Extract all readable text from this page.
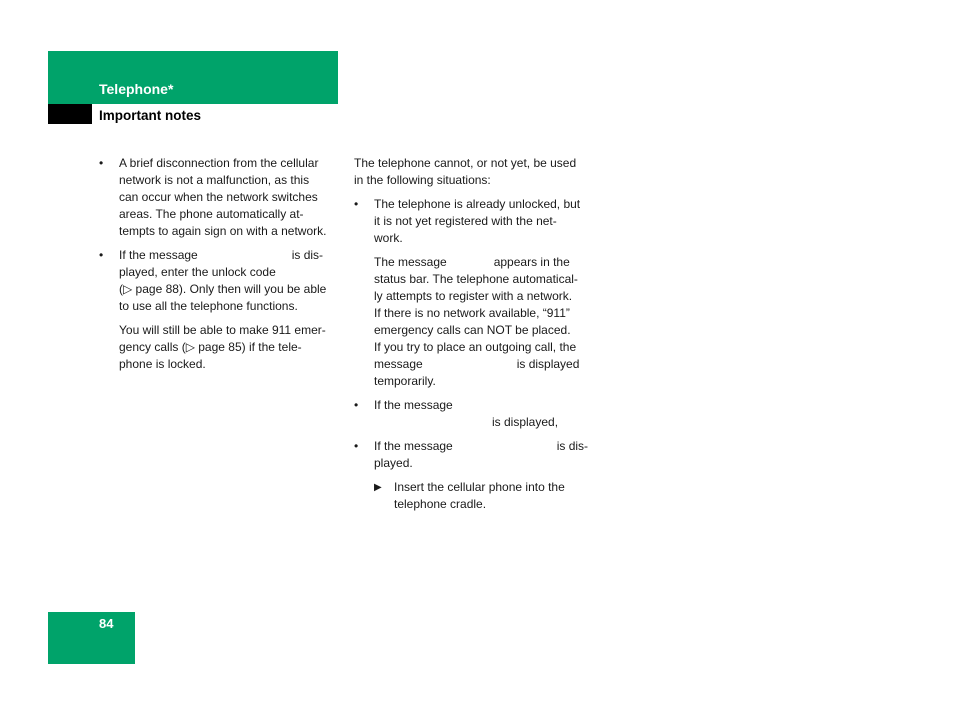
Telephone*
Important notes
• A brief disconnection from the cellular

network is not a malfunction, as this

can occur when the network switches

areas. The phone automatically at-

tempts to again sign on with a network.

• If the message	is dis-

played, enter the unlock code

(▷ page 88). Only then will you be able

to use all the telephone functions.

You will still be able to make 911 emer-

gency calls (▷ page 85) if the tele-

phone is locked.

The telephone cannot, or not yet, be used

in the following situations:

• The telephone is already unlocked, but

it is not yet registered with the net-

work.

The message	appears in the

status bar. The telephone automatical-

ly attempts to register with a network.

If there is no network available, “911”

emergency calls can NOT be placed.

If you try to place an outgoing call, the

message	is displayed

temporarily.

• If the message

is displayed,

• If the message	is dis-

played.

▶ Insert the cellular phone into the

telephone cradle.

84
